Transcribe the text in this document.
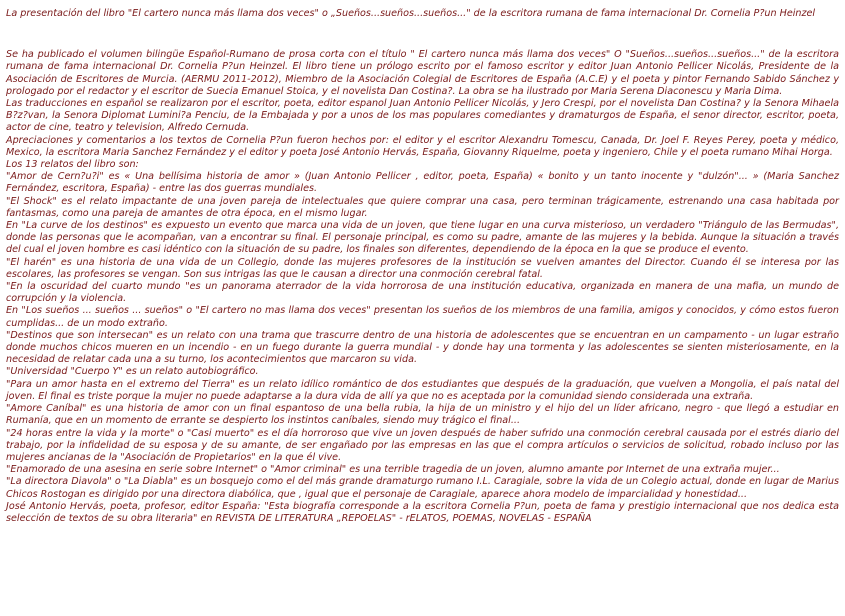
La presentación del libro "El cartero nunca más llama dos veces" o „Sueños...sueños...sueños..." de la escritora rumana de fama internacional Dr. Cornelia P?un Heinzel

Se ha publicado el volumen bilingüe Español-Rumano de prosa corta con el título " El cartero nunca más llama dos veces" O "Sueños...sueños...sueños..." de la escritora rumana de fama internacional Dr. Cornelia P?un Heinzel. El libro tiene un prólogo escrito por el famoso escritor y editor Juan Antonio Pellicer Nicolás, Presidente de la Asociación de Escritores de Murcia. (AERMU 2011-2012), Miembro de la Asociación Colegial de Escritores de España (A.C.E) y el poeta y pintor Fernando Sabido Sánchez y prologado por el redactor y el escritor de Suecia Emanuel Stoica, y el novelista Dan Costina?. La obra se ha ilustrado por Maria Serena Diaconescu y Maria Dima.

Las traducciones en español se realizaron por el escritor, poeta, editor espanol Juan Antonio Pellicer Nicolás, y Jero Crespi, por el novelista Dan Costina? y la Senora Mihaela B?z?van, la Senora Diplomat Lumini?a Penciu, de la Embajada y por a unos de los mas populares comediantes y dramaturgos de España, el senor director, escritor, poeta, actor de cine, teatro y television, Alfredo Cernuda.

Apreciaciones y comentarios a los textos de Cornelia P?un fueron hechos por: el editor y el escritor Alexandru Tomescu, Canada, Dr. Joel F. Reyes Perey, poeta y médico, Mexico, la escritora Maria Sanchez Fernández y el editor y poeta José Antonio Hervás, España, Giovanny Riquelme, poeta y ingeniero, Chile y el poeta rumano Mihai Horga.

Los 13 relatos del libro son:

"Amor de Cern?u?i" es « Una bellísima historia de amor » (Juan Antonio Pellicer , editor, poeta, España) « bonito y un tanto inocente y "dulzón"... » (Maria Sanchez Fernández, escritora, España) - entre las dos guerras mundiales.

"El Shock" es el relato impactante de una joven pareja de intelectuales que quiere comprar una casa, pero terminan trágicamente, estrenando una casa habitada por fantasmas, como una pareja de amantes de otra época, en el mismo lugar.

En "La curve de los destinos" es expuesto un evento que marca una vida de un joven, que tiene lugar en una curva misterioso, un verdadero "Triángulo de las Bermudas", donde las personas que le acompañan, van a encontrar su final. El personaje principal, es como su padre, amante de las mujeres y la bebida. Aunque la situación a través del cual el joven hombre es casi idéntico con la situación de su padre, los finales son diferentes, dependiendo de la época en la que se produce el evento.

"El harén" es una historia de una vida de un Collegio, donde las mujeres profesores de la institución se vuelven amantes del Director. Cuando él se interesa por las escolares, las profesores se vengan. Son sus intrigas las que le causan a director una conmoción cerebral fatal.

"En la oscuridad del cuarto mundo "es un panorama aterrador de la vida horrorosa de una institución educativa, organizada en manera de una mafia, un mundo de corrupción y la violencia.

En "Los sueños ... sueños ... sueños" o "El cartero no mas llama dos veces" presentan los sueños de los miembros de una familia, amigos y conocidos, y cómo estos fueron cumplidas... de un modo extraño.

"Destinos que son intersecan" es un relato con una trama que trascurre dentro de una historia de adolescentes que se encuentran en un campamento - un lugar estraño donde muchos chicos mueren en un incendio - en un fuego durante la guerra mundial - y donde hay una tormenta y las adolescentes se sienten misteriosamente, en la necesidad de relatar cada una a su turno, los acontecimientos que marcaron su vida.

"Universidad "Cuerpo Y" es un relato autobiográfico.

"Para un amor hasta en el extremo del Tierra" es un relato idílico romántico de dos estudiantes que después de la graduación, que vuelven a Mongolia, el país natal del joven. El final es triste porque la mujer no puede adaptarse a la dura vida de allí ya que no es aceptada por la comunidad siendo considerada una extraña.

"Amore Caníbal" es una historia de amor con un final espantoso de una bella rubia, la hija de un ministro y el hijo del un líder africano, negro - que llegó a estudiar en Rumanía, que en un momento de errante se despierto los instintos caníbales, siendo muy trágico el final...

"24 horas entre la vida y la morte" o "Casi muerto" es el día horroroso que vive un joven después de haber sufrido una conmoción cerebral causada por el estrés diario del trabajo, por la infidelidad de su esposa y de su amante, de ser engañado por las empresas en las que el compra artículos o servicios de solicitud, robado incluso por las mujeres ancianas de la "Asociación de Propietarios" en la que él vive.

"Enamorado de una asesina en serie sobre Internet" o "Amor criminal" es una terrible tragedia de un joven, alumno amante por Internet de una extraña mujer...

"La directora Diavola" o "La Diabla" es un bosquejo como el del más grande dramaturgo rumano I.L. Caragiale, sobre la vida de un Colegio actual, donde en lugar de Marius Chicos Rostogan es dirigido por una directora diabólica, que , igual que el personaje de Caragiale, aparece ahora modelo de imparcialidad y honestidad...

José Antonio Hervás, poeta, profesor, editor España: "Esta biografía corresponde a la escritora Cornelia P?un, poeta de fama y prestigio internacional que nos dedica esta selección de textos de su obra literaria" en REVISTA DE LITERATURA „REPOELAS" - rELATOS, POEMAS, NOVELAS - ESPAÑA
